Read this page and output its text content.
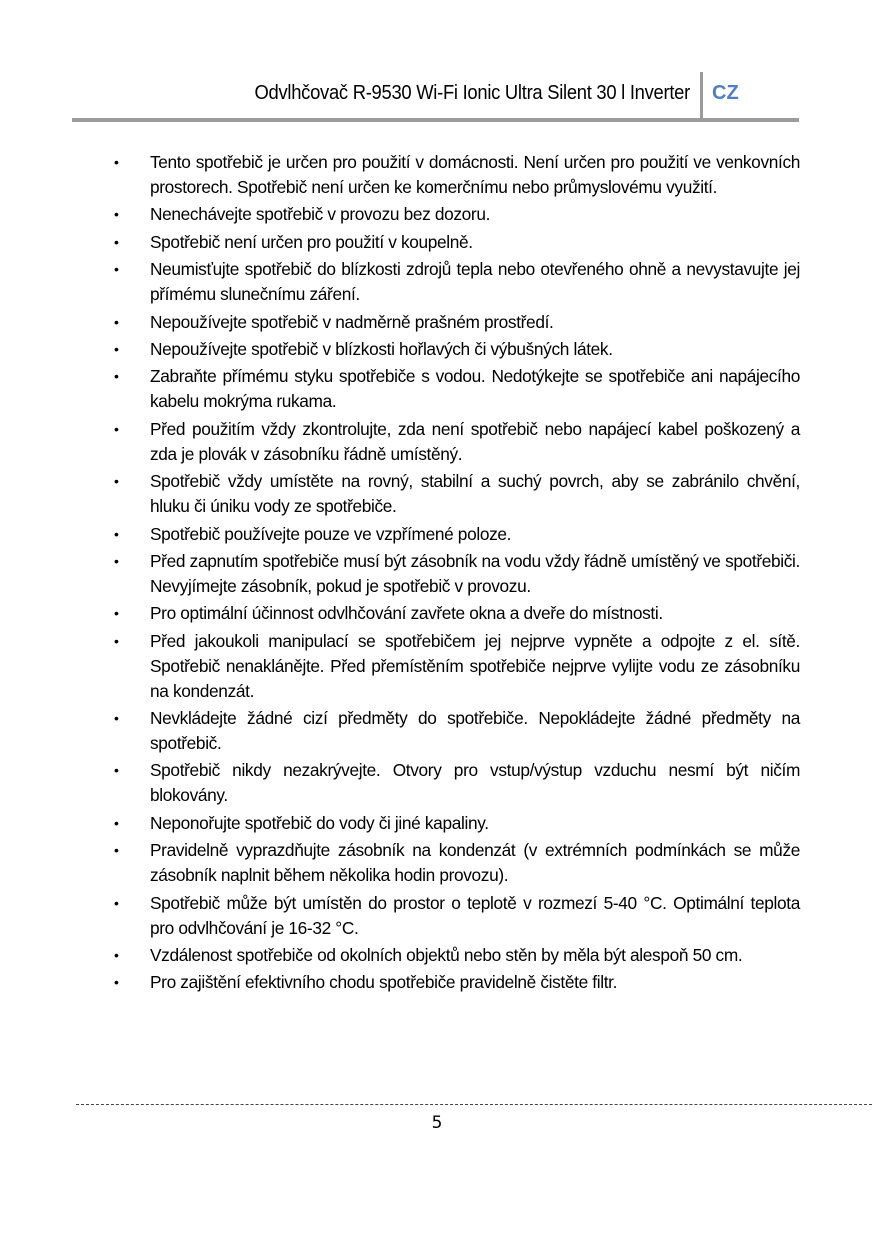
Odvlhčovač R-9530 Wi-Fi Ionic Ultra Silent 30 l Inverter CZ
• Tento spotřebič je určen pro použití v domácnosti. Není určen pro použití ve venkovních prostorech. Spotřebič není určen ke komerčnímu nebo průmyslovému využití.
• Nenechávejte spotřebič v provozu bez dozoru.
• Spotřebič není určen pro použití v koupelně.
• Neumisťujte spotřebič do blízkosti zdrojů tepla nebo otevřeného ohně a nevystavujte jej přímému slunečnímu záření.
• Nepoužívejte spotřebič v nadměrně prašném prostředí.
• Nepoužívejte spotřebič v blízkosti hořlavých či výbušných látek.
• Zabraňte přímému styku spotřebiče s vodou. Nedotýkejte se spotřebiče ani napájecího kabelu mokrýma rukama.
• Před použitím vždy zkontrolujte, zda není spotřebič nebo napájecí kabel poškozený a zda je plovák v zásobníku řádně umístěný.
• Spotřebič vždy umístěte na rovný, stabilní a suchý povrch, aby se zabránilo chvění, hluku či úniku vody ze spotřebiče.
• Spotřebič používejte pouze ve vzpřímené poloze.
• Před zapnutím spotřebiče musí být zásobník na vodu vždy řádně umístěný ve spotřebiči. Nevyjímejte zásobník, pokud je spotřebič v provozu.
• Pro optimální účinnost odvlhčování zavřete okna a dveře do místnosti.
• Před jakoukoli manipulací se spotřebičem jej nejprve vypněte a odpojte z el. sítě. Spotřebič nenaklánějte. Před přemístěním spotřebiče nejprve vylijte vodu ze zásobníku na kondenzát.
• Nevkládejte žádné cizí předměty do spotřebiče. Nepokládejte žádné předměty na spotřebič.
• Spotřebič nikdy nezakrývejte. Otvory pro vstup/výstup vzduchu nesmí být ničím blokovány.
• Neponořujte spotřebič do vody či jiné kapaliny.
• Pravidelně vyprazdňujte zásobník na kondenzát (v extrémních podmínkách se může zásobník naplnit během několika hodin provozu).
• Spotřebič může být umístěn do prostor o teplotě v rozmezí 5-40 °C. Optimální teplota pro odvlhčování je 16-32 °C.
• Vzdálenost spotřebiče od okolních objektů nebo stěn by měla být alespoň 50 cm.
• Pro zajištění efektivního chodu spotřebiče pravidelně čistěte filtr.
5
